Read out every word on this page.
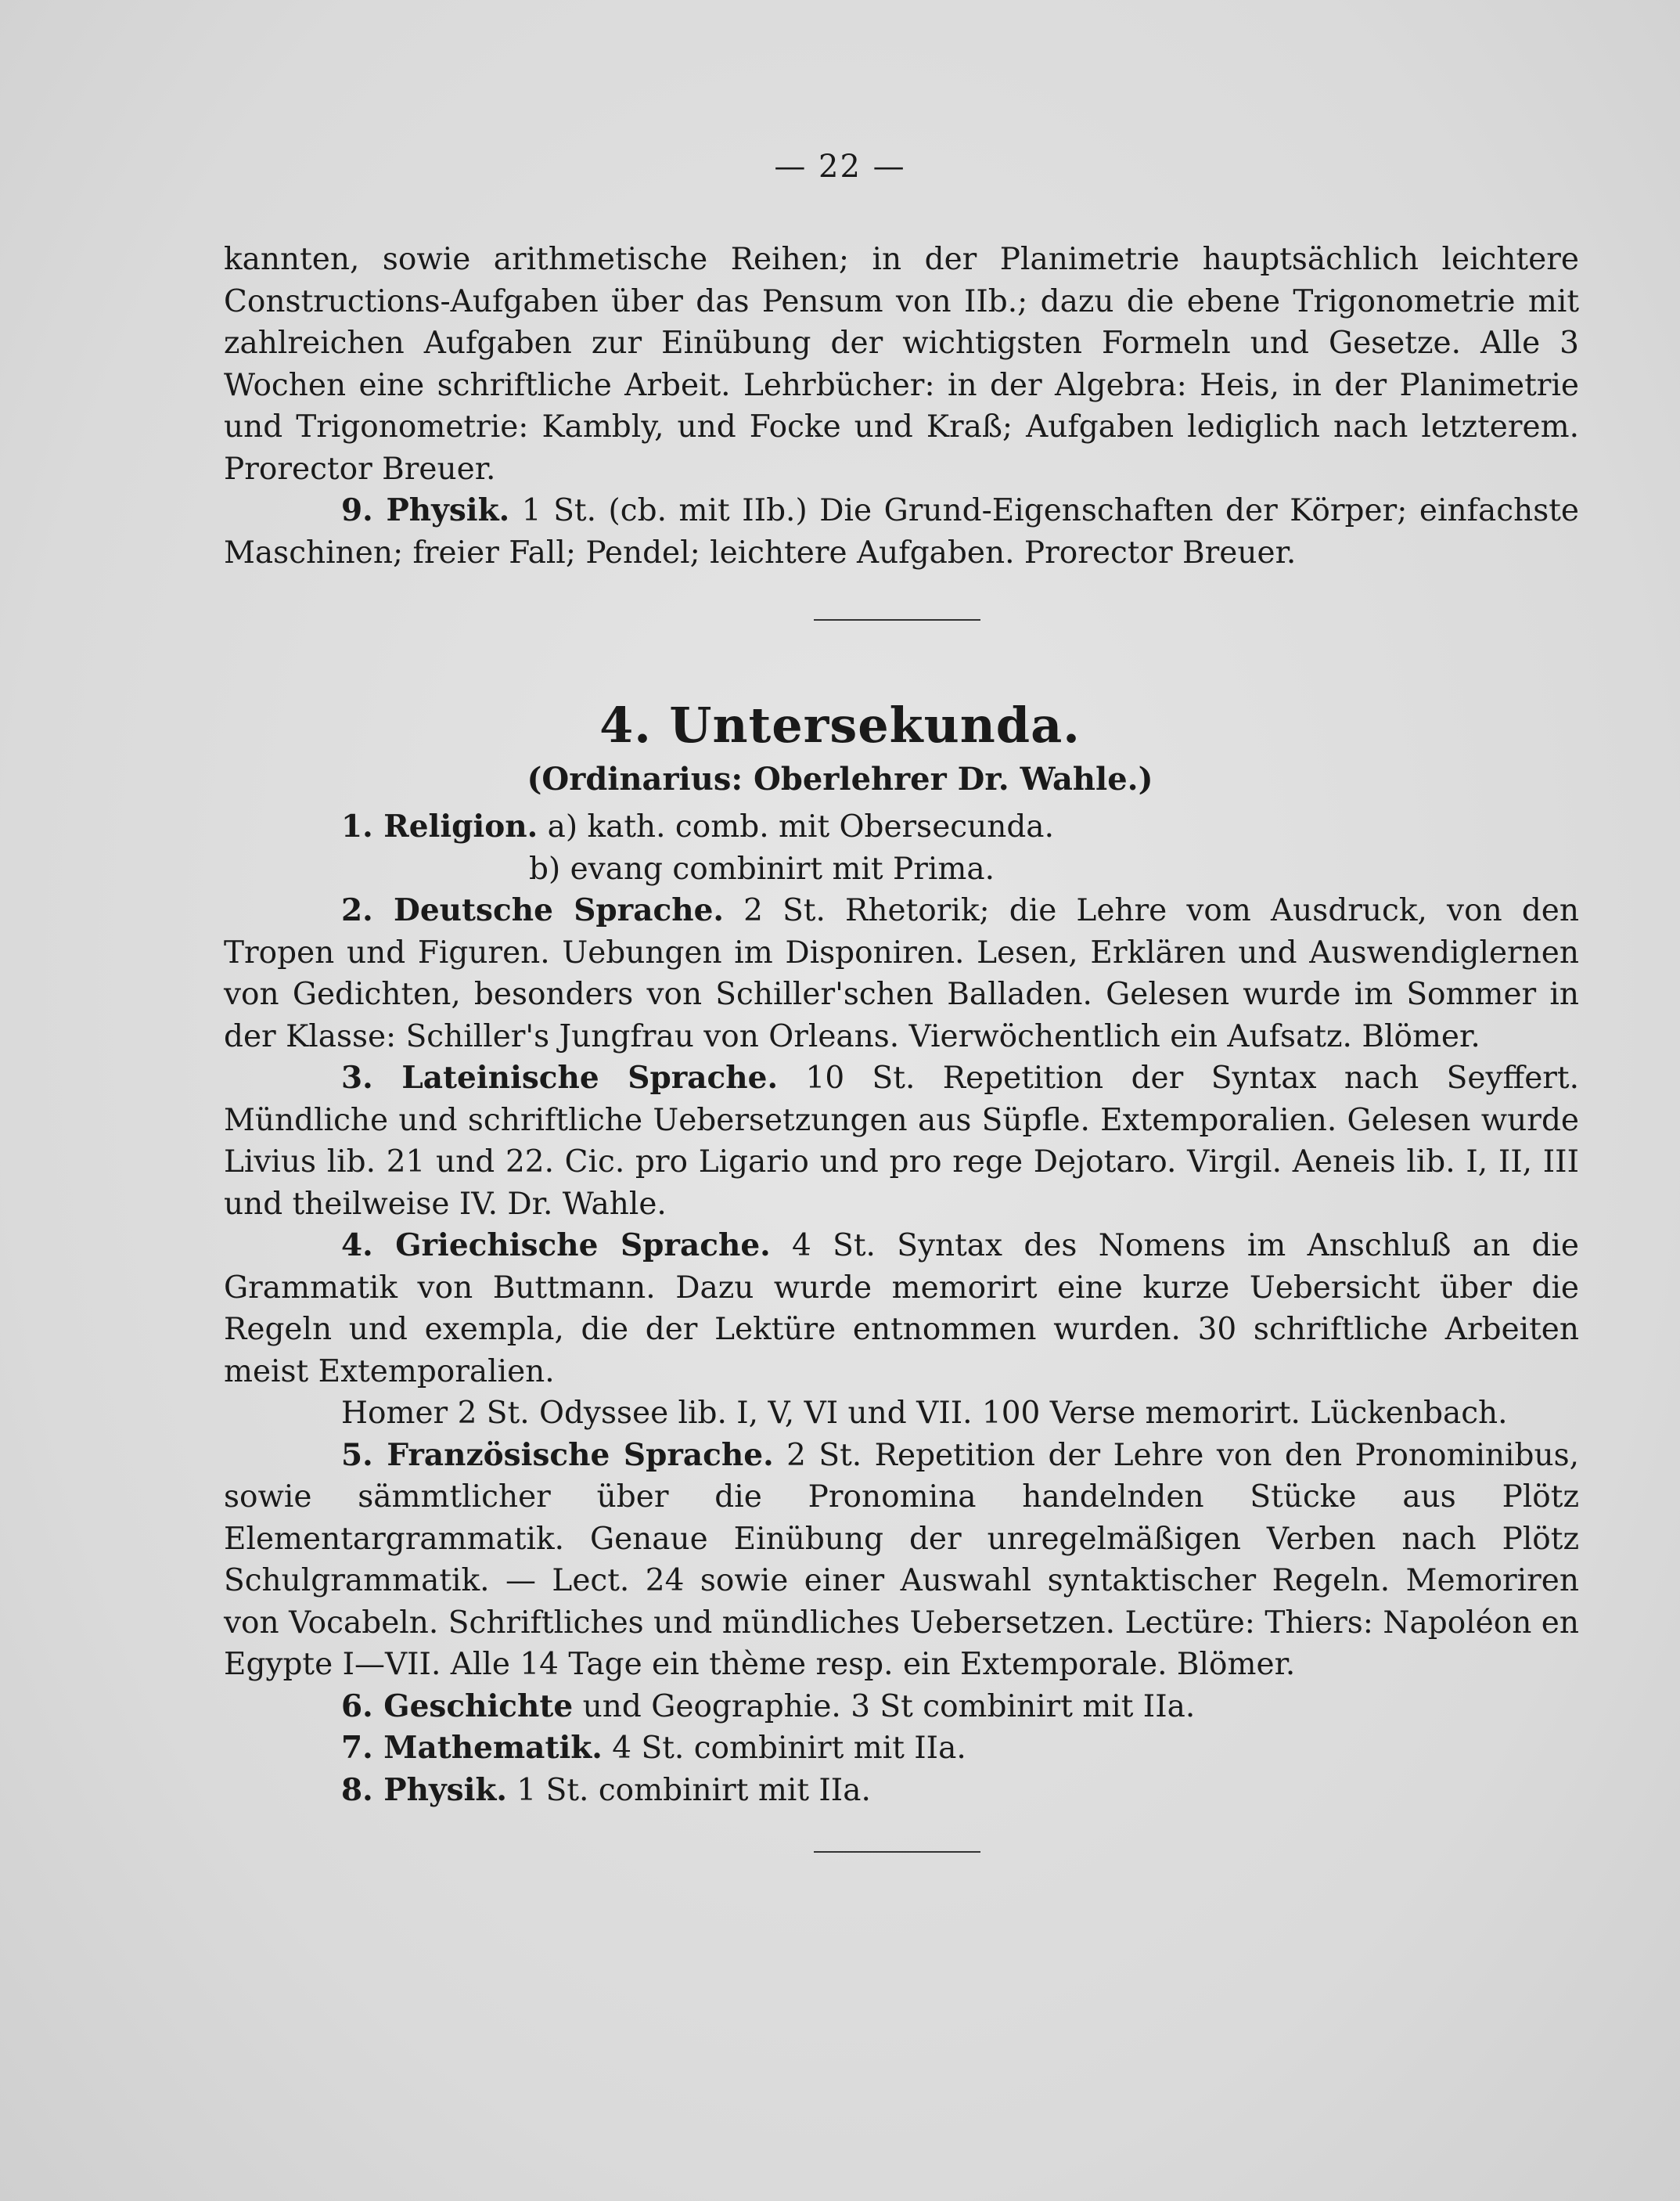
— 22 —

kannten, sowie arithmetische Reihen; in der Planimetrie hauptsächlich leichtere Constructions-Aufgaben über das Pensum von IIb.; dazu die ebene Trigonometrie mit zahlreichen Aufgaben zur Einübung der wichtigsten Formeln und Gesetze. Alle 3 Wochen eine schriftliche Arbeit. Lehrbücher: in der Algebra: Heis, in der Planimetrie und Trigonometrie: Kambly, und Focke und Kraß; Aufgaben lediglich nach letzterem. Prorector Breuer.

9. Physik. 1 St. (cb. mit IIb.) Die Grund-Eigenschaften der Körper; einfachste Maschinen; freier Fall; Pendel; leichtere Aufgaben. Prorector Breuer.

4. Untersekunda.
(Ordinarius: Oberlehrer Dr. Wahle.)

1. Religion. a) kath. comb. mit Obersecunda.

b) evang combinirt mit Prima.

2. Deutsche Sprache. 2 St. Rhetorik; die Lehre vom Ausdruck, von den Tropen und Figuren. Uebungen im Disponiren. Lesen, Erklären und Auswendiglernen von Gedichten, besonders von Schiller'schen Balladen. Gelesen wurde im Sommer in der Klasse: Schiller's Jungfrau von Orleans. Vierwöchentlich ein Aufsatz. Blömer.

3. Lateinische Sprache. 10 St. Repetition der Syntax nach Seyffert. Mündliche und schriftliche Uebersetzungen aus Süpfle. Extemporalien. Gelesen wurde Livius lib. 21 und 22. Cic. pro Ligario und pro rege Dejotaro. Virgil. Aeneis lib. I, II, III und theilweise IV. Dr. Wahle.

4. Griechische Sprache. 4 St. Syntax des Nomens im Anschluß an die Grammatik von Buttmann. Dazu wurde memorirt eine kurze Uebersicht über die Regeln und exempla, die der Lektüre entnommen wurden. 30 schriftliche Arbeiten meist Extemporalien.

Homer 2 St. Odyssee lib. I, V, VI und VII. 100 Verse memorirt. Lückenbach.

5. Französische Sprache. 2 St. Repetition der Lehre von den Pronominibus, sowie sämmtlicher über die Pronomina handelnden Stücke aus Plötz Elementargrammatik. Genaue Einübung der unregelmäßigen Verben nach Plötz Schulgrammatik. — Lect. 24 sowie einer Auswahl syntaktischer Regeln. Memoriren von Vocabeln. Schriftliches und mündliches Uebersetzen. Lectüre: Thiers: Napoléon en Egypte I—VII. Alle 14 Tage ein thème resp. ein Extemporale. Blömer.

6. Geschichte und Geographie. 3 St combinirt mit IIa.

7. Mathematik. 4 St. combinirt mit IIa.

8. Physik. 1 St. combinirt mit IIa.
